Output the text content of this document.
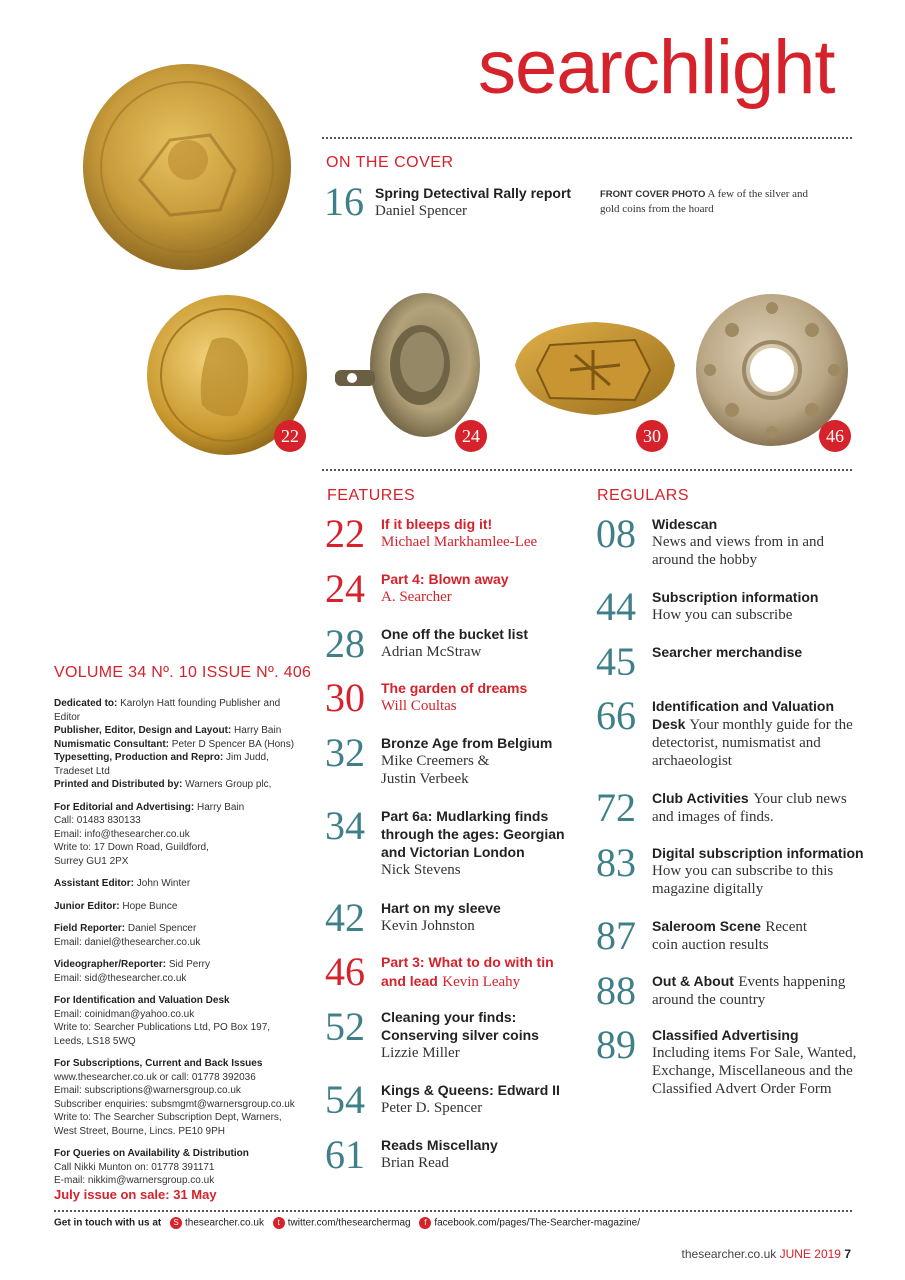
searchlight
ON THE COVER
16 Spring Detectival Rally report
Daniel Spencer
FRONT COVER PHOTO A few of the silver and gold coins from the hoard
22	24	30	46
FEATURES
22 If it bleeps dig it!
Michael Markhamlee-Lee
24 Part 4: Blown away
A. Searcher
28 One off the bucket list
Adrian McStraw
30 The garden of dreams
Will Coultas
32 Bronze Age from Belgium
Mike Creemers & Justin Verbeek
34 Part 6a: Mudlarking finds through the ages: Georgian and Victorian London
Nick Stevens
42 Hart on my sleeve
Kevin Johnston
46 Part 3: What to do with tin and lead Kevin Leahy
52 Cleaning your finds: Conserving silver coins
Lizzie Miller
54 Kings & Queens: Edward II
Peter D. Spencer
61 Reads Miscellany
Brian Read
REGULARS
08 Widescan
News and views from in and around the hobby
44 Subscription information
How you can subscribe
45 Searcher merchandise
66 Identification and Valuation Desk Your monthly guide for the detectorist, numismatist and archaeologist
72 Club Activities Your club news and images of finds.
83 Digital subscription information
How you can subscribe to this magazine digitally
87 Saleroom Scene Recent coin auction results
88 Out & About Events happening around the country
89 Classified Advertising
Including items For Sale, Wanted, Exchange, Miscellaneous and the Classified Advert Order Form
VOLUME 34 Nº. 10 ISSUE Nº. 406

Dedicated to: Karolyn Hatt founding Publisher and Editor
Publisher, Editor, Design and Layout: Harry Bain
Numismatic Consultant: Peter D Spencer BA (Hons)
Typesetting, Production and Repro: Jim Judd, Tradeset Ltd
Printed and Distributed by: Warners Group plc,

For Editorial and Advertising: Harry Bain
Call: 01483 830133
Email: info@thesearcher.co.uk
Write to: 17 Down Road, Guildford,
Surrey GU1 2PX

Assistant Editor: John Winter

Junior Editor: Hope Bunce

Field Reporter: Daniel Spencer
Email: daniel@thesearcher.co.uk

Videographer/Reporter: Sid Perry
Email: sid@thesearcher.co.uk

For Identification and Valuation Desk
Email: coinidman@yahoo.co.uk
Write to: Searcher Publications Ltd, PO Box 197,
Leeds, LS18 5WQ

For Subscriptions, Current and Back Issues
www.thesearcher.co.uk or call: 01778 392036
Email: subscriptions@warnersgroup.co.uk
Subscriber enquiries: subsmgmt@warnersgroup.co.uk
Write to: The Searcher Subscription Dept, Warners,
West Street, Bourne, Lincs. PE10 9PH

For Queries on Availability & Distribution
Call Nikki Munton on: 01778 391171
E-mail: nikkim@warnersgroup.co.uk

July issue on sale: 31 May
Get in touch with us at S thesearcher.co.uk t twitter.com/thesearchermag f facebook.com/pages/The-Searcher-magazine/
thesearcher.co.uk JUNE 2019 7
